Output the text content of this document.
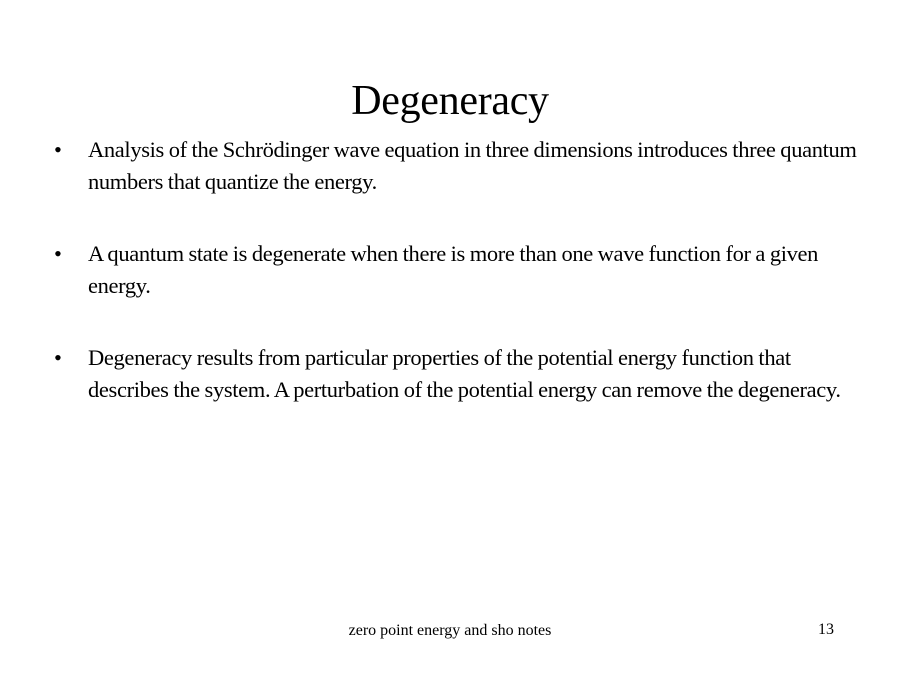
Degeneracy
•	Analysis of the Schrödinger wave equation in three dimensions introduces three quantum numbers that quantize the energy.
•	A quantum state is degenerate when there is more than one wave function for a given energy.
•	Degeneracy results from particular properties of the potential energy function that describes the system. A perturbation of the potential energy can remove the degeneracy.
zero point energy and sho notes	13
